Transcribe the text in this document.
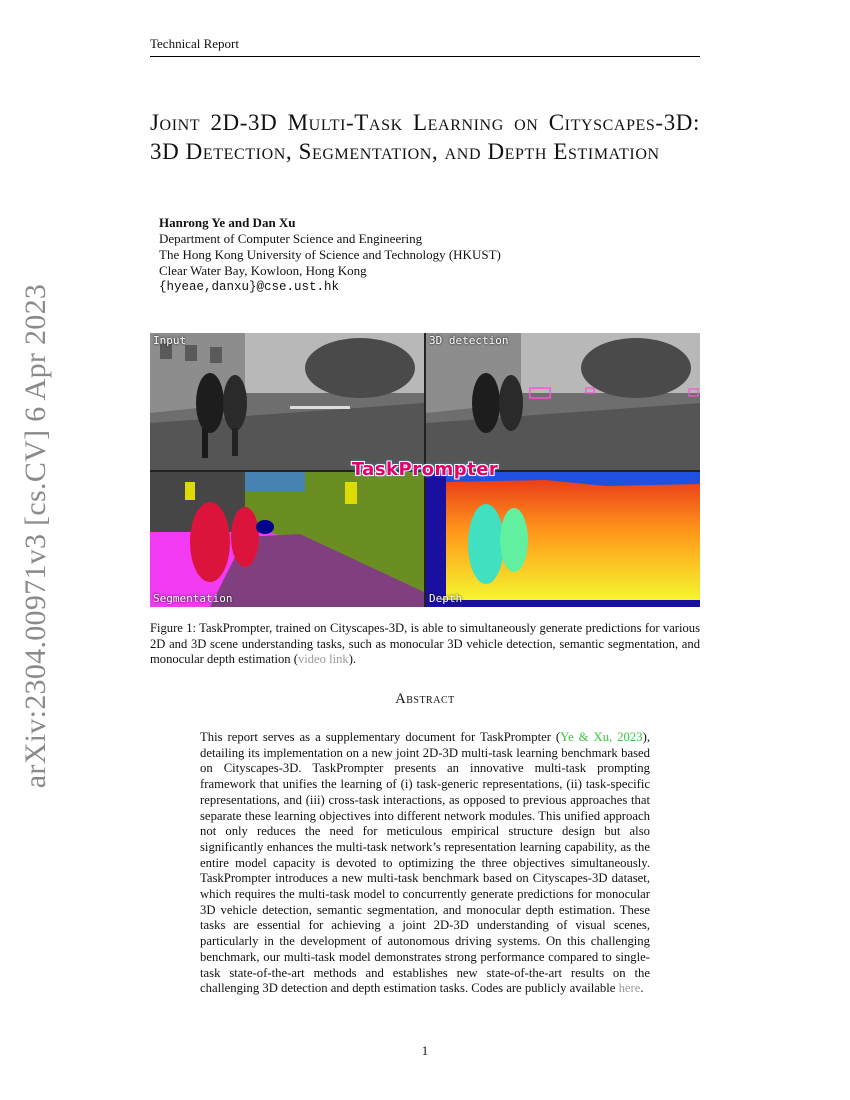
Technical Report
arXiv:2304.00971v3 [cs.CV] 6 Apr 2023
Joint 2D-3D Multi-Task Learning on Cityscapes-3D: 3D Detection, Segmentation, and Depth Estimation
Hanrong Ye and Dan Xu
Department of Computer Science and Engineering
The Hong Kong University of Science and Technology (HKUST)
Clear Water Bay, Kowloon, Hong Kong
{hyeae,danxu}@cse.ust.hk
Input	3D detection
Segmentation	Depth
TaskPrompter
Figure 1: TaskPrompter, trained on Cityscapes-3D, is able to simultaneously generate predictions for various 2D and 3D scene understanding tasks, such as monocular 3D vehicle detection, semantic segmentation, and monocular depth estimation (video link).
Abstract
This report serves as a supplementary document for TaskPrompter (Ye & Xu, 2023), detailing its implementation on a new joint 2D-3D multi-task learning benchmark based on Cityscapes-3D. TaskPrompter presents an innovative multi-task prompting framework that unifies the learning of (i) task-generic representations, (ii) task-specific representations, and (iii) cross-task interactions, as opposed to previous approaches that separate these learning objectives into different network modules. This unified approach not only reduces the need for meticulous empirical structure design but also significantly enhances the multi-task network’s representation learning capability, as the entire model capacity is devoted to optimizing the three objectives simultaneously. TaskPrompter introduces a new multi-task benchmark based on Cityscapes-3D dataset, which requires the multi-task model to concurrently generate predictions for monocular 3D vehicle detection, semantic segmentation, and monocular depth estimation. These tasks are essential for achieving a joint 2D-3D understanding of visual scenes, particularly in the development of autonomous driving systems. On this challenging benchmark, our multi-task model demonstrates strong performance compared to single-task state-of-the-art methods and establishes new state-of-the-art results on the challenging 3D detection and depth estimation tasks. Codes are publicly available here.
1
